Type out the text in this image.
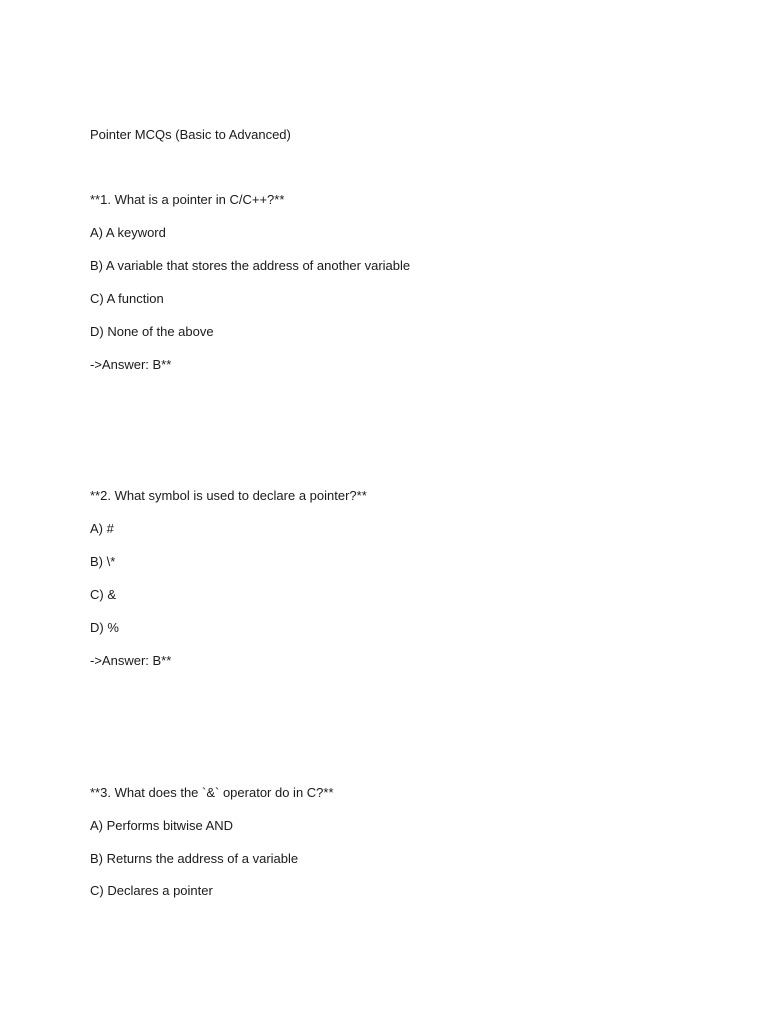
Pointer MCQs (Basic to Advanced)
**1. What is a pointer in C/C++?**
A) A keyword
B) A variable that stores the address of another variable
C) A function
D) None of the above
->Answer: B**
**2. What symbol is used to declare a pointer?**
A) #
B) \*
C) &
D) %
->Answer: B**
**3. What does the `&` operator do in C?**
A) Performs bitwise AND
B) Returns the address of a variable
C) Declares a pointer
